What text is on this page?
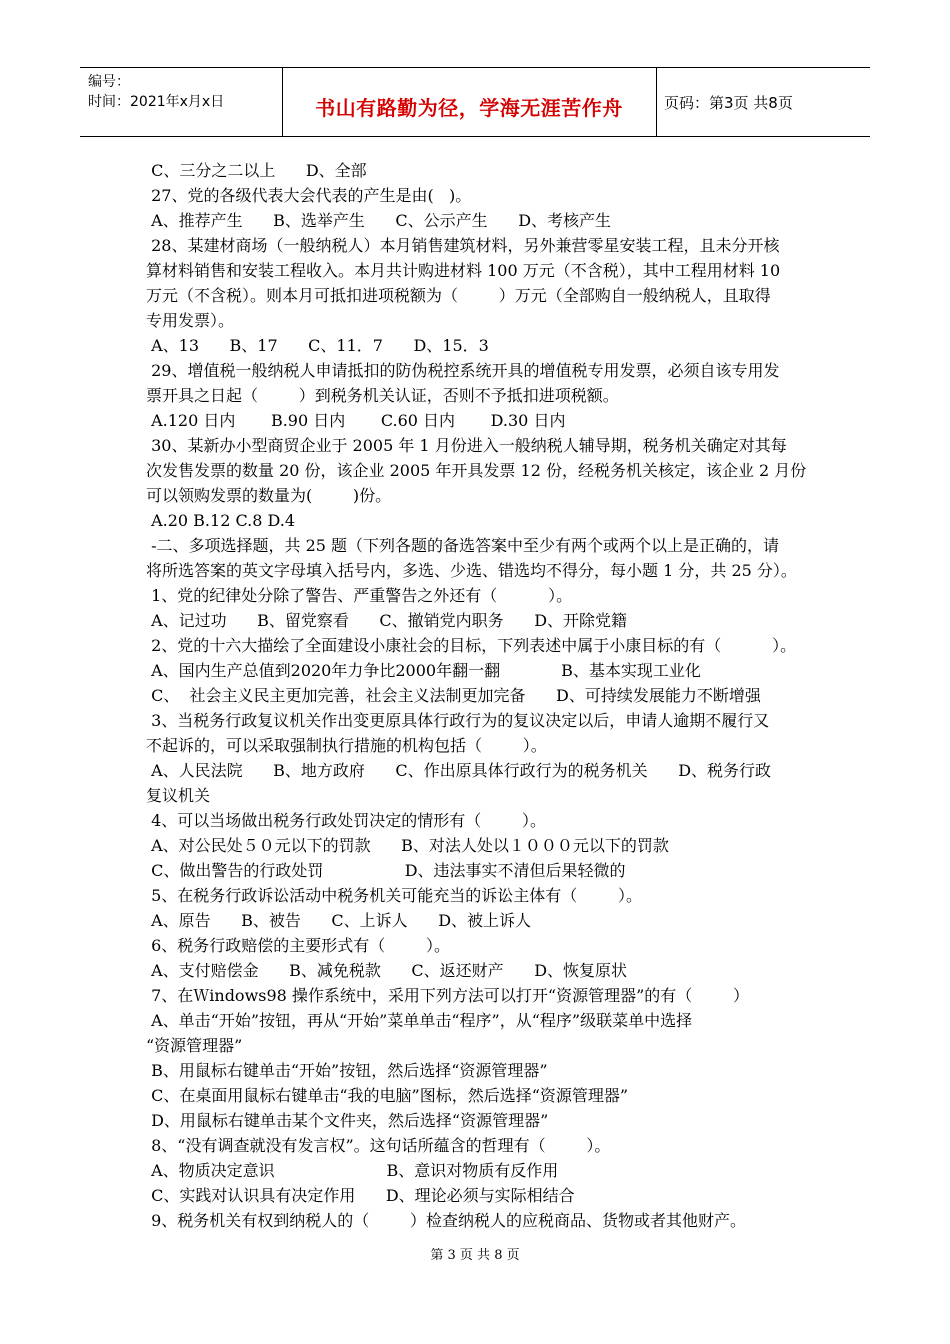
编号：
时间：2021年x月x日	书山有路勤为径，学海无涯苦作舟	页码：第3页 共8页
C、三分之二以上      D、全部
27、党的各级代表大会代表的产生是由(   )。
A、推荐产生      B、选举产生      C、公示产生      D、考核产生
28、某建材商场（一般纳税人）本月销售建筑材料，另外兼营零星安装工程，且未分开核
算材料销售和安装工程收入。本月共计购进材料 100 万元（不含税），其中工程用材料 10
万元（不含税）。则本月可抵扣进项税额为（        ）万元（全部购自一般纳税人，且取得
专用发票）。
A、13      B、17      C、11．7      D、15．3
29、增值税一般纳税人申请抵扣的防伪税控系统开具的增值税专用发票，必须自该专用发
票开具之日起（        ）到税务机关认证，否则不予抵扣进项税额。
A.120 日内       B.90 日内       C.60 日内       D.30 日内
30、某新办小型商贸企业于 2005 年 1 月份进入一般纳税人辅导期，税务机关确定对其每
次发售发票的数量 20 份，该企业 2005 年开具发票 12 份，经税务机关核定，该企业 2 月份
可以领购发票的数量为(        )份。
A.20 B.12 C.8 D.4
-二、多项选择题，共 25 题（下列各题的备选答案中至少有两个或两个以上是正确的，请
将所选答案的英文字母填入括号内，多选、少选、错选均不得分，每小题 1 分，共 25 分）。
1、党的纪律处分除了警告、严重警告之外还有（          ）。
A、记过功      B、留党察看      C、撤销党内职务      D、开除党籍
2、党的十六大描绘了全面建设小康社会的目标，下列表述中属于小康目标的有（          ）。
A、国内生产总值到2020年力争比2000年翻一翻            B、基本实现工业化
C、  社会主义民主更加完善，社会主义法制更加完备      D、可持续发展能力不断增强
3、当税务行政复议机关作出变更原具体行政行为的复议决定以后，申请人逾期不履行又
不起诉的，可以采取强制执行措施的机构包括（        ）。
A、人民法院      B、地方政府      C、作出原具体行政行为的税务机关      D、税务行政
复议机关
4、可以当场做出税务行政处罚决定的情形有（        ）。
A、对公民处５０元以下的罚款      B、对法人处以１０００元以下的罚款
C、做出警告的行政处罚                D、违法事实不清但后果轻微的
5、在税务行政诉讼活动中税务机关可能充当的诉讼主体有（        ）。
A、原告      B、被告      C、上诉人      D、被上诉人
6、税务行政赔偿的主要形式有（        ）。
A、支付赔偿金      B、减免税款      C、返还财产      D、恢复原状
7、在Ｗindows98 操作系统中，采用下列方法可以打开“资源管理器”的有（        ）
A、单击“开始”按钮，再从“开始”菜单单击“程序”，从“程序”级联菜单中选择
“资源管理器”
B、用鼠标右键单击“开始”按钮，然后选择“资源管理器”
C、在桌面用鼠标右键单击“我的电脑”图标，然后选择“资源管理器”
D、用鼠标右键单击某个文件夹，然后选择“资源管理器”
8、“没有调查就没有发言权”。这句话所蕴含的哲理有（        ）。
A、物质决定意识                      B、意识对物质有反作用
C、实践对认识具有决定作用      D、理论必须与实际相结合
9、税务机关有权到纳税人的（        ）检查纳税人的应税商品、货物或者其他财产。
第 3 页 共 8 页
